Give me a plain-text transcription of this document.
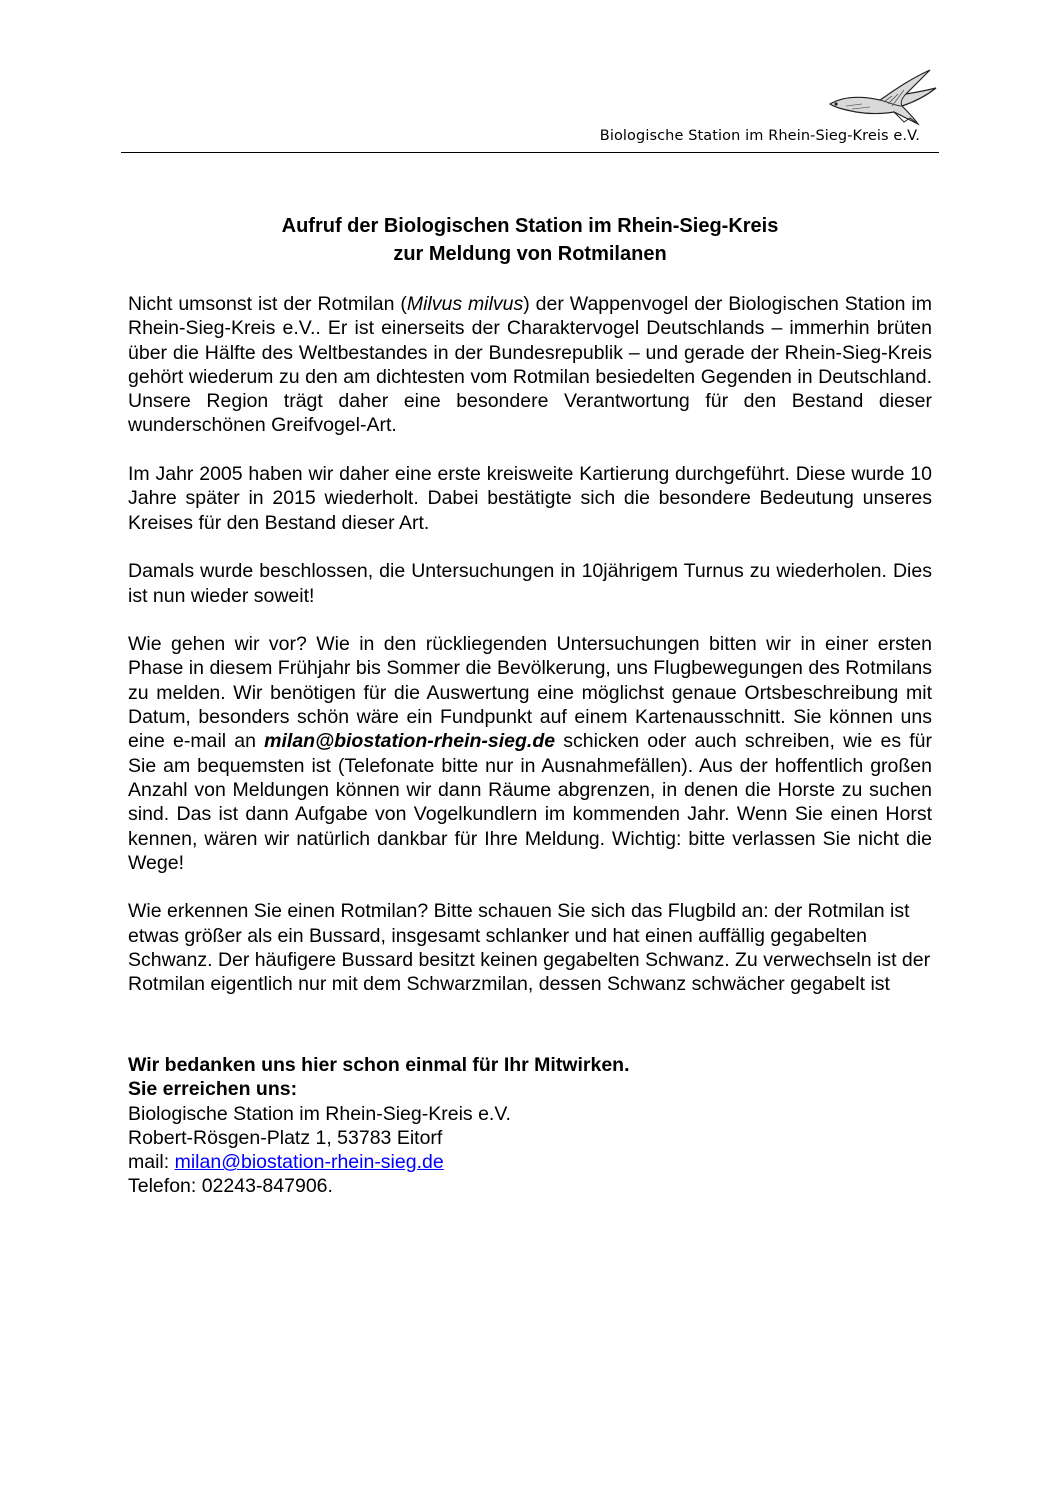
Biologische Station im Rhein-Sieg-Kreis e.V.
Aufruf der Biologischen Station im Rhein-Sieg-Kreis
zur Meldung von Rotmilanen

Nicht umsonst ist der Rotmilan (Milvus milvus) der Wappenvogel der Biologischen Station im Rhein-Sieg-Kreis e.V.. Er ist einerseits der Charaktervogel Deutschlands – immerhin brüten über die Hälfte des Weltbestandes in der Bundesrepublik – und gerade der Rhein-Sieg-Kreis gehört wiederum zu den am dichtesten vom Rotmilan besiedelten Gegenden in Deutschland. Unsere Region trägt daher eine besondere Verantwortung für den Bestand dieser wunderschönen Greifvogel-Art.

Im Jahr 2005 haben wir daher eine erste kreisweite Kartierung durchgeführt. Diese wurde 10 Jahre später in 2015 wiederholt. Dabei bestätigte sich die besondere Bedeutung unseres Kreises für den Bestand dieser Art.

Damals wurde beschlossen, die Untersuchungen in 10jährigem Turnus zu wiederholen. Dies ist nun wieder soweit!

Wie gehen wir vor? Wie in den rückliegenden Untersuchungen bitten wir in einer ersten Phase in diesem Frühjahr bis Sommer die Bevölkerung, uns Flugbewegungen des Rotmilans zu melden. Wir benötigen für die Auswertung eine möglichst genaue Ortsbeschreibung mit Datum, besonders schön wäre ein Fundpunkt auf einem Kartenausschnitt. Sie können uns eine e-mail an milan@biostation-rhein-sieg.de schicken oder auch schreiben, wie es für Sie am bequemsten ist (Telefonate bitte nur in Ausnahmefällen). Aus der hoffentlich großen Anzahl von Meldungen können wir dann Räume abgrenzen, in denen die Horste zu suchen sind. Das ist dann Aufgabe von Vogelkundlern im kommenden Jahr. Wenn Sie einen Horst kennen, wären wir natürlich dankbar für Ihre Meldung. Wichtig: bitte verlassen Sie nicht die Wege!

Wie erkennen Sie einen Rotmilan? Bitte schauen Sie sich das Flugbild an: der Rotmilan ist etwas größer als ein Bussard, insgesamt schlanker und hat einen auffällig gegabelten Schwanz. Der häufigere Bussard besitzt keinen gegabelten Schwanz. Zu verwechseln ist der Rotmilan eigentlich nur mit dem Schwarzmilan, dessen Schwanz schwächer gegabelt ist

Wir bedanken uns hier schon einmal für Ihr Mitwirken.
Sie erreichen uns:
Biologische Station im Rhein-Sieg-Kreis e.V.
Robert-Rösgen-Platz 1, 53783 Eitorf
mail: milan@biostation-rhein-sieg.de
Telefon: 02243-847906.
